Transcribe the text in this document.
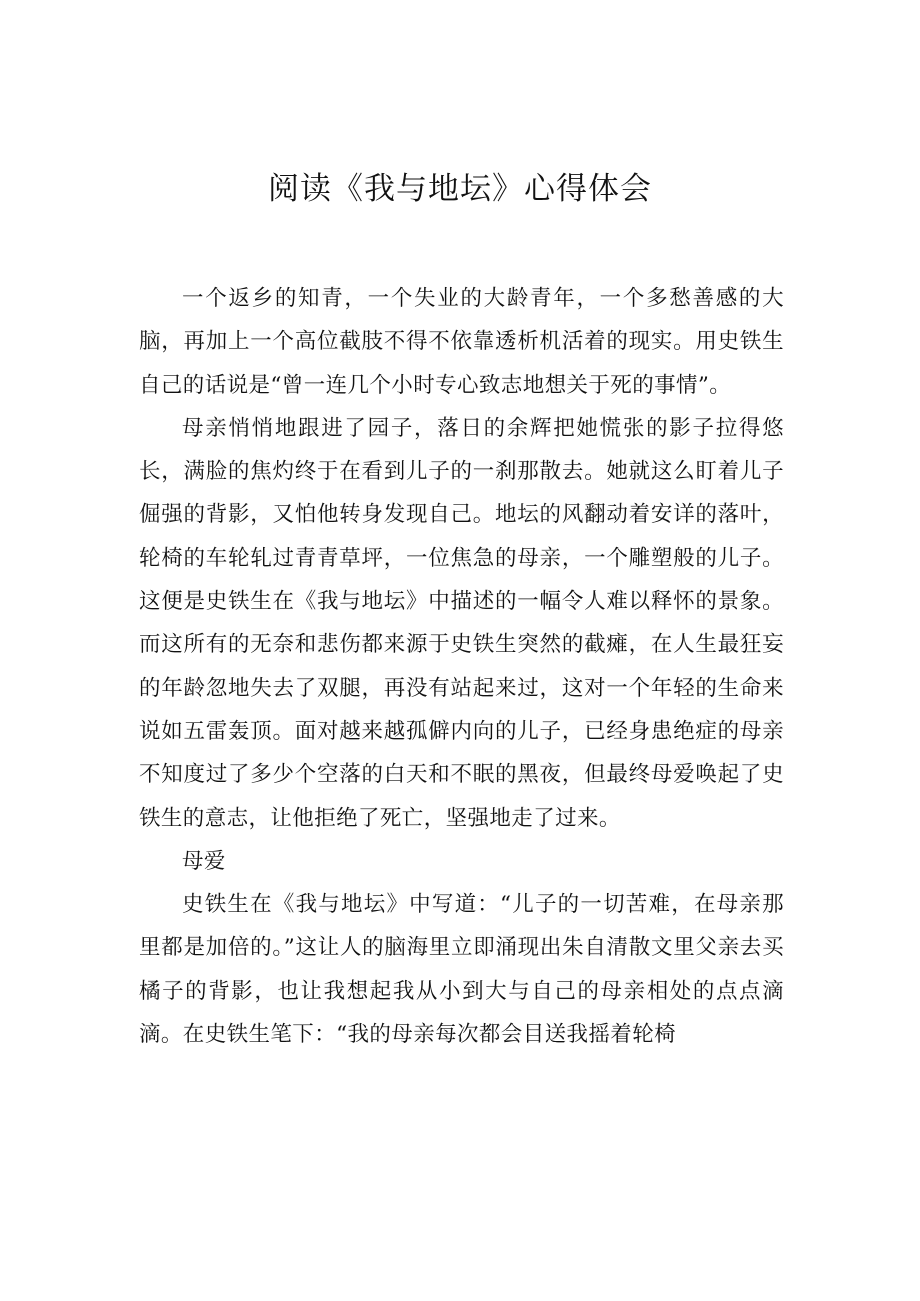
阅读《我与地坛》心得体会

一个返乡的知青，一个失业的大龄青年，一个多愁善感的大脑，再加上一个高位截肢不得不依靠透析机活着的现实。用史铁生自己的话说是“曾一连几个小时专心致志地想关于死的事情”。

母亲悄悄地跟进了园子，落日的余辉把她慌张的影子拉得悠长，满脸的焦灼终于在看到儿子的一刹那散去。她就这么盯着儿子倔强的背影，又怕他转身发现自己。地坛的风翻动着安详的落叶，轮椅的车轮轧过青青草坪，一位焦急的母亲，一个雕塑般的儿子。这便是史铁生在《我与地坛》中描述的一幅令人难以释怀的景象。而这所有的无奈和悲伤都来源于史铁生突然的截瘫，在人生最狂妄的年龄忽地失去了双腿，再没有站起来过，这对一个年轻的生命来说如五雷轰顶。面对越来越孤僻内向的儿子，已经身患绝症的母亲不知度过了多少个空落的白天和不眠的黑夜，但最终母爱唤起了史铁生的意志，让他拒绝了死亡，坚强地走了过来。

母爱

史铁生在《我与地坛》中写道：“儿子的一切苦难，在母亲那里都是加倍的。”这让人的脑海里立即涌现出朱自清散文里父亲去买橘子的背影，也让我想起我从小到大与自己的母亲相处的点点滴滴。在史铁生笔下：“我的母亲每次都会目送我摇着轮椅
